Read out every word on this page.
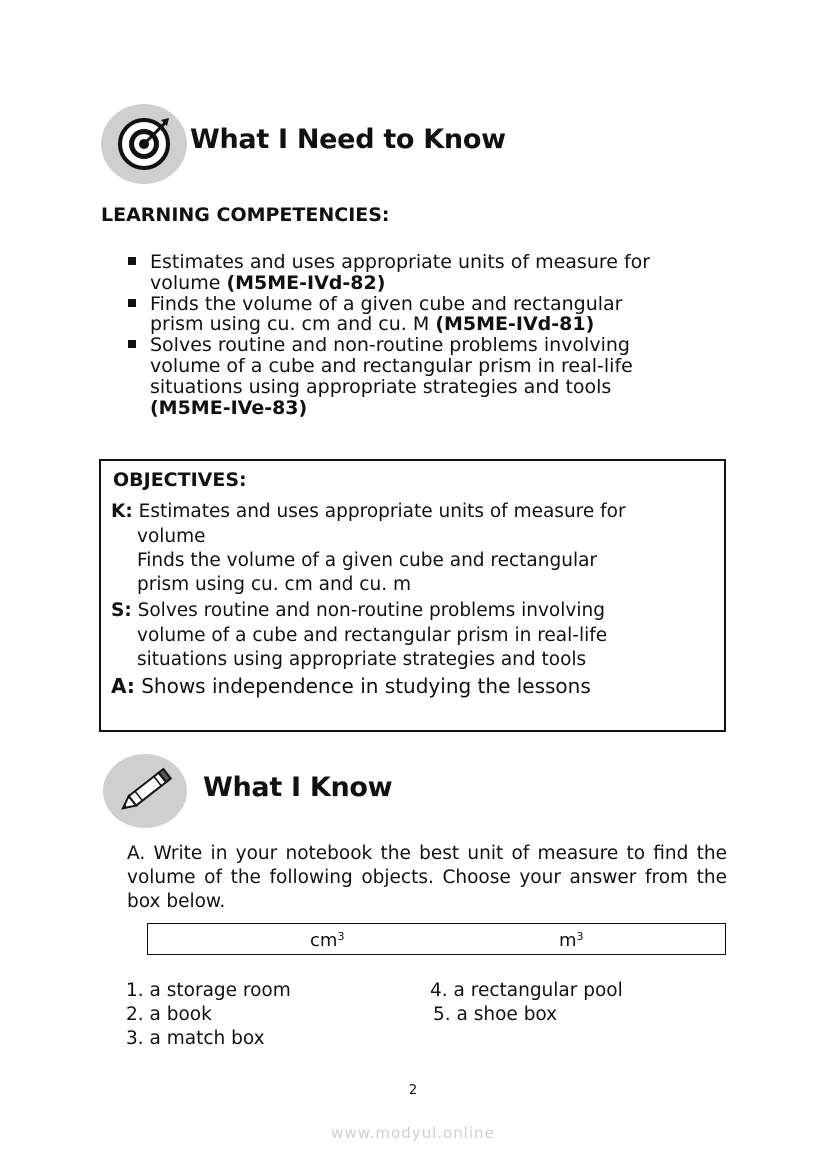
What I Need to Know
LEARNING COMPETENCIES:
Estimates and uses appropriate units of measure for
volume (M5ME-IVd-82)
Finds the volume of a given cube and rectangular
prism using cu. cm and cu. M (M5ME-IVd-81)
Solves routine and non-routine problems involving
volume of a cube and rectangular prism in real-life
situations using appropriate strategies and tools
(M5ME-IVe-83)
OBJECTIVES:
K: Estimates and uses appropriate units of measure for
volume
Finds the volume of a given cube and rectangular
prism using cu. cm and cu. m
S: Solves routine and non-routine problems involving
volume of a cube and rectangular prism in real-life
situations using appropriate strategies and tools
A: Shows independence in studying the lessons
What I Know
A. Write in your notebook the best unit of measure to find the volume of the following objects. Choose your answer from the box below.
$cm^3$	$m^3$
1. a storage room
2. a book
3. a match box
4. a rectangular pool
5. a shoe box
2
www.modyul.online
